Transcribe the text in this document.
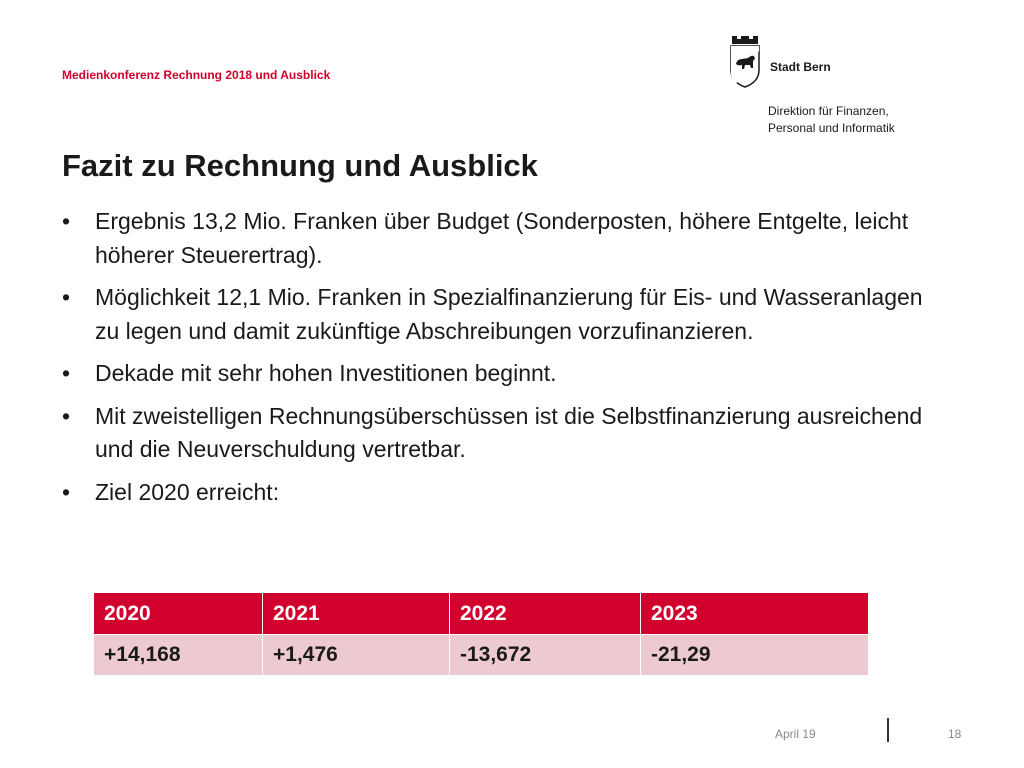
Medienkonferenz Rechnung 2018 und Ausblick
Stadt Bern
Direktion für Finanzen,
Personal und Informatik
Fazit zu Rechnung und Ausblick
• Ergebnis 13,2 Mio. Franken über Budget (Sonderposten, höhere Entgelte, leicht höherer Steuerertrag).
• Möglichkeit 12,1 Mio. Franken in Spezialfinanzierung für Eis- und Wasseranlagen zu legen und damit zukünftige Abschreibungen vorzufinanzieren.
• Dekade mit sehr hohen Investitionen beginnt.
• Mit zweistelligen Rechnungsüberschüssen ist die Selbstfinanzierung ausreichend und die Neuverschuldung vertretbar.
• Ziel 2020 erreicht:
2020	2021	2022	2023
+14,168	+1,476	-13,672	-21,29
April 19	18
